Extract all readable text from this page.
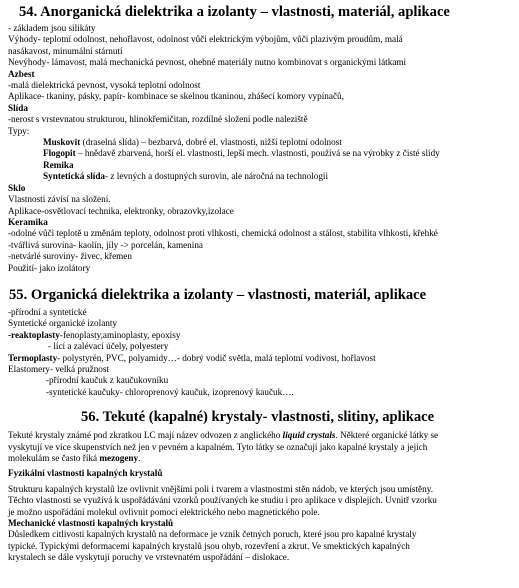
54. Anorganická dielektrika a izolanty – vlastnosti, materiál, aplikace

- základem jsou silikáty

Výhody- teplotní odolnost, nehořlavost, odolnost vůči elektrickým výbojům, vůči plazivým proudům, malá

nasákavost, minumální stárnutí

Nevýhody- lámavost, malá mechanická pevnost, ohebné materiály nutno kombinovat s organickými látkami

Azbest

-malá dielektrická pevnost, vysoká teplotní odolnost

Aplikace- tkaniny, pásky, papír- kombinace se skelnou tkaninou, zhášecí komory vypínačů,

Slída

-nerost s vrstevnatou strukturou, hlinokřemičitan, rozdílné složení podle naleziště

Typy:

Muskovit (draselná slída) – bezbarvá, dobré el. vlastnosti, nižší teplotní odolnost

Flogopit – hnědavě zbarvená, horší el. vlastnosti, lepší mech. vlastnosti, používá se na výrobky z čisté slídy

Remika

Syntetická slída- z levných a dostupných surovin, ale náročná na technologii

Sklo

Vlastnosti závisí na složení.

Aplikace-osvětlovací technika, elektronky, obrazovky,izolace

Keramika

-odolné vůči teplotě u změnám teploty, odolnost proti vlhkosti, chemická odolnost a stálost, stabilita vlhkosti, křehké

-tvářlivá surovina- kaolín, jíly -> porcelán, kamenina

-netvárlé suroviny- živec, křemen

Použití- jako izolátory

55. Organická dielektrika a izolanty – vlastnosti, materiál, aplikace

-přírodní a syntetické

Syntetické organické izolanty

-reaktoplasty-fenoplasty,aminoplasty, epoxisy

- lící a zalévací účely, polyestery

Termoplasty- polystyrén, PVC, polyamidy…- dobrý vodič světla, malá teplotní vodivost, hořlavost

Elastomery- velká pružnost

-přírodní kaučuk z kaučukovníku

-syntetické kaučuky- chloroprenový kaučuk, izoprenový kaučuk….

56. Tekuté (kapalné) krystaly- vlastnosti, slitiny, aplikace

Tekuté krystaly známé pod zkratkou LC mají název odvozen z anglického liquid crystals. Některé organické látky se

vyskytují ve více skupenstvích než jen v pevném a kapalném. Tyto látky se označují jako kapalné krystaly a jejich

molekulám se často říká mezogeny.

Fyzikální vlastnosti kapalných krystalů

Strukturu kapalných krystalů lze ovlivnit vnějšími poli i tvarem a vlastnostmi stěn nádob, ve kterých jsou umístěny.

Těchto vlastnosti se využívá k uspořádávání vzorků používaných ke studiu i pro aplikace v displejích. Uvnitř vzorku

je možno uspořádání molekul ovlivnit pomocí elektrického nebo magnetického pole.

Mechanické vlastnosti kapalných krystalů

Důsledkem citlivosti kapalných krystalů na deformace je vznik četných poruch, které jsou pro kapalné krystaly

typické. Typickými deformacemi kapalných krystalů jsou ohyb, rozevření a zkrut. Ve smektických kapalných

krystalech se dále vyskytují poruchy ve vrstevnatém uspořádání – dislokace.
